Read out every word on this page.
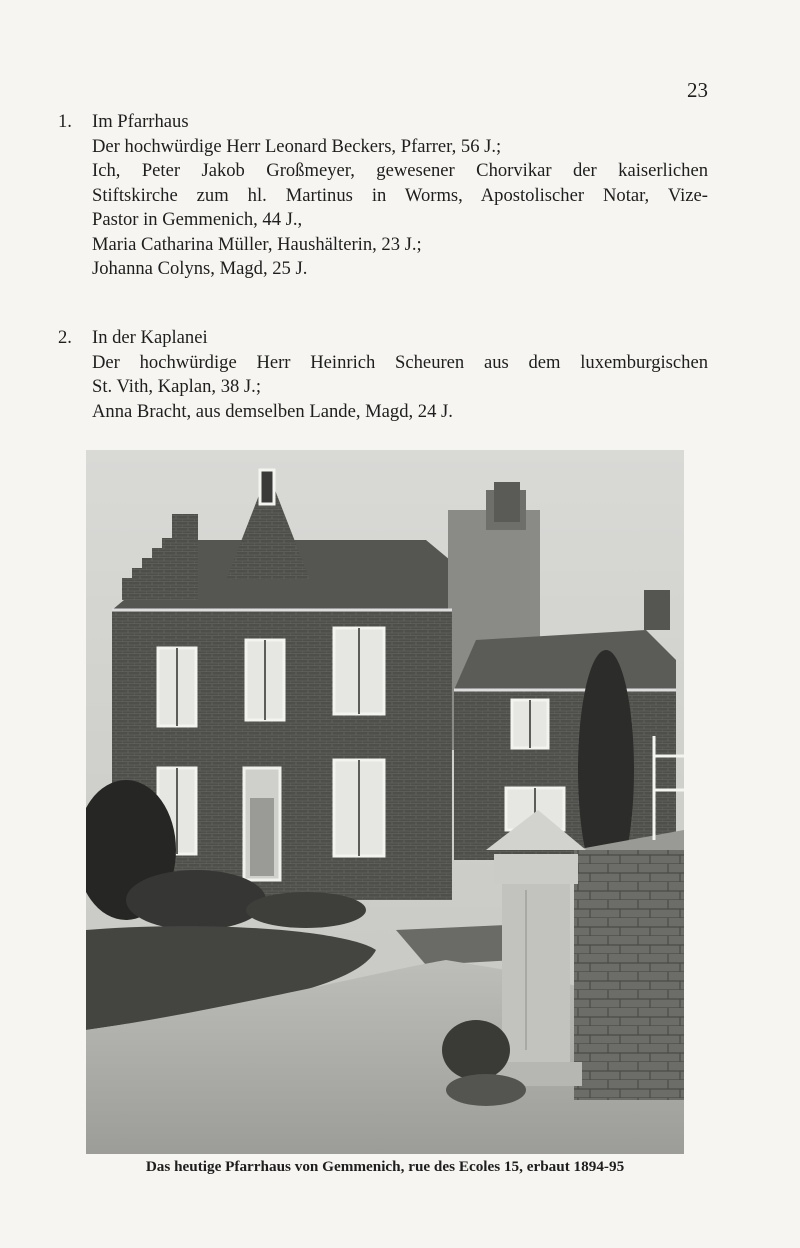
23
1. Im Pfarrhaus
Der hochwürdige Herr Leonard Beckers, Pfarrer, 56 J.;
Ich, Peter Jakob Großmeyer, gewesener Chorvikar der kaiserlichen
Stiftskirche zum hl. Martinus in Worms, Apostolischer Notar, Vize-
Pastor in Gemmenich, 44 J.,
Maria Catharina Müller, Haushälterin, 23 J.;
Johanna Colyns, Magd, 25 J.
2. In der Kaplanei
Der hochwürdige Herr Heinrich Scheuren aus dem luxemburgischen
St. Vith, Kaplan, 38 J.;
Anna Bracht, aus demselben Lande, Magd, 24 J.
Das heutige Pfarrhaus von Gemmenich, rue des Ecoles 15, erbaut 1894-95
